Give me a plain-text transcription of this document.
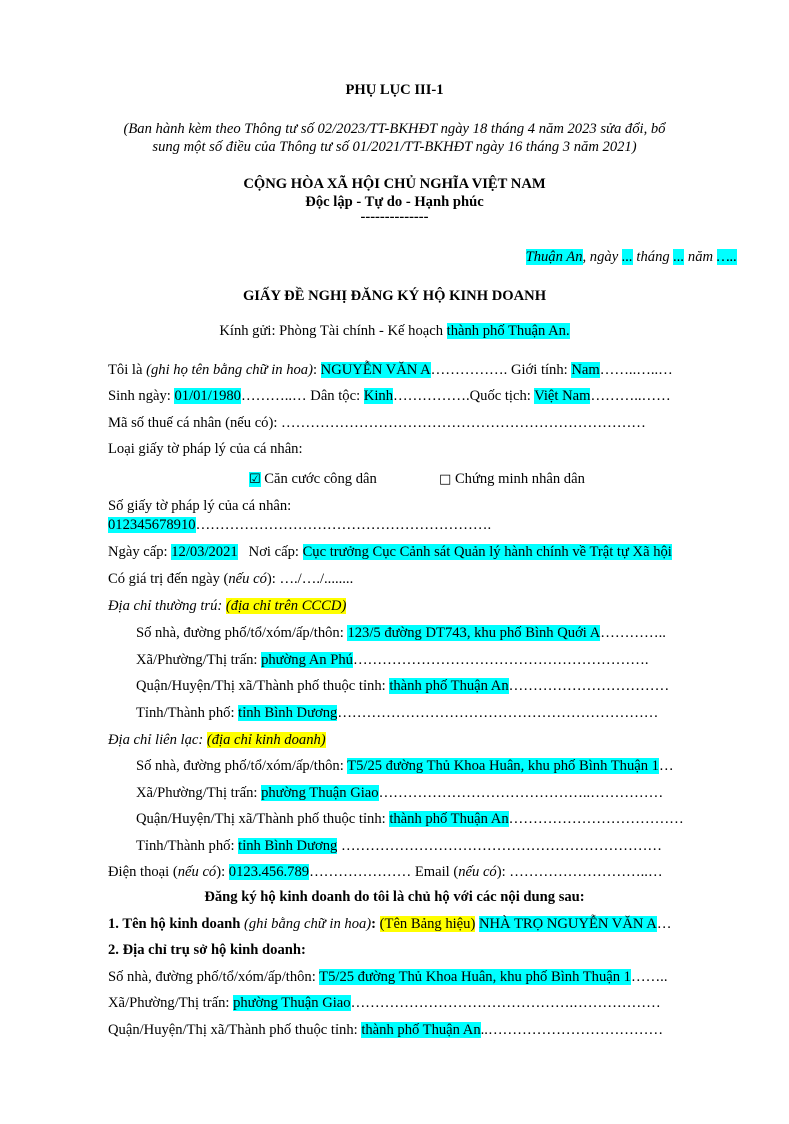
PHỤ LỤC III-1
(Ban hành kèm theo Thông tư số 02/2023/TT-BKHĐT ngày 18 tháng 4 năm 2023 sửa đổi, bổ
sung một số điều của Thông tư số 01/2021/TT-BKHĐT ngày 16 tháng 3 năm 2021)
CỘNG HÒA XÃ HỘI CHỦ NGHĨA VIỆT NAM
Độc lập - Tự do - Hạnh phúc
--------------
Thuận An, ngày ... tháng ... năm …..
GIẤY ĐỀ NGHỊ ĐĂNG KÝ HỘ KINH DOANH
Kính gửi: Phòng Tài chính - Kế hoạch thành phố Thuận An.
Tôi là (ghi họ tên bằng chữ in hoa): NGUYỄN VĂN A……………. Giới tính: Nam……..…..…
Sinh ngày: 01/01/1980………..… Dân tộc: Kinh…………….Quốc tịch: Việt Nam………..……
Mã số thuế cá nhân (nếu có): …………………………………………………………………
Loại giấy tờ pháp lý của cá nhân:
☑ Căn cước công dân	□ Chứng minh nhân dân
Số giấy tờ pháp lý của cá nhân:
012345678910…………………………………………………….
Ngày cấp: 12/03/2021   Nơi cấp: Cục trưởng Cục Cảnh sát Quản lý hành chính về Trật tự Xã hội
Có giá trị đến ngày (nếu có): …./…./........
Địa chỉ thường trú: (địa chỉ trên CCCD)
Số nhà, đường phố/tổ/xóm/ấp/thôn: 123/5 đường DT743, khu phố Bình Quới A…………..
Xã/Phường/Thị trấn: phường An Phú…………………………………………………….
Quận/Huyện/Thị xã/Thành phố thuộc tỉnh: thành phố Thuận An……………………………
Tỉnh/Thành phố: tỉnh Bình Dương…………………………………………………………
Địa chỉ liên lạc: (địa chỉ kinh doanh)
Số nhà, đường phố/tổ/xóm/ấp/thôn: T5/25 đường Thủ Khoa Huân, khu phố Bình Thuận 1…
Xã/Phường/Thị trấn: phường Thuận Giao……………………………………..……………
Quận/Huyện/Thị xã/Thành phố thuộc tỉnh: thành phố Thuận An………………………………
Tỉnh/Thành phố: tỉnh Bình Dương …………………………………………………………
Điện thoại (nếu có): 0123.456.789………………… Email (nếu có): ………………………..…
Đăng ký hộ kinh doanh do tôi là chủ hộ với các nội dung sau:
1. Tên hộ kinh doanh (ghi bằng chữ in hoa): (Tên Bảng hiệu) NHÀ TRỌ NGUYỄN VĂN A…
2. Địa chỉ trụ sở hộ kinh doanh:
Số nhà, đường phố/tổ/xóm/ấp/thôn: T5/25 đường Thủ Khoa Huân, khu phố Bình Thuận 1……..
Xã/Phường/Thị trấn: phường Thuận Giao……………………………………….………………
Quận/Huyện/Thị xã/Thành phố thuộc tỉnh: thành phố Thuận An..………………………………
